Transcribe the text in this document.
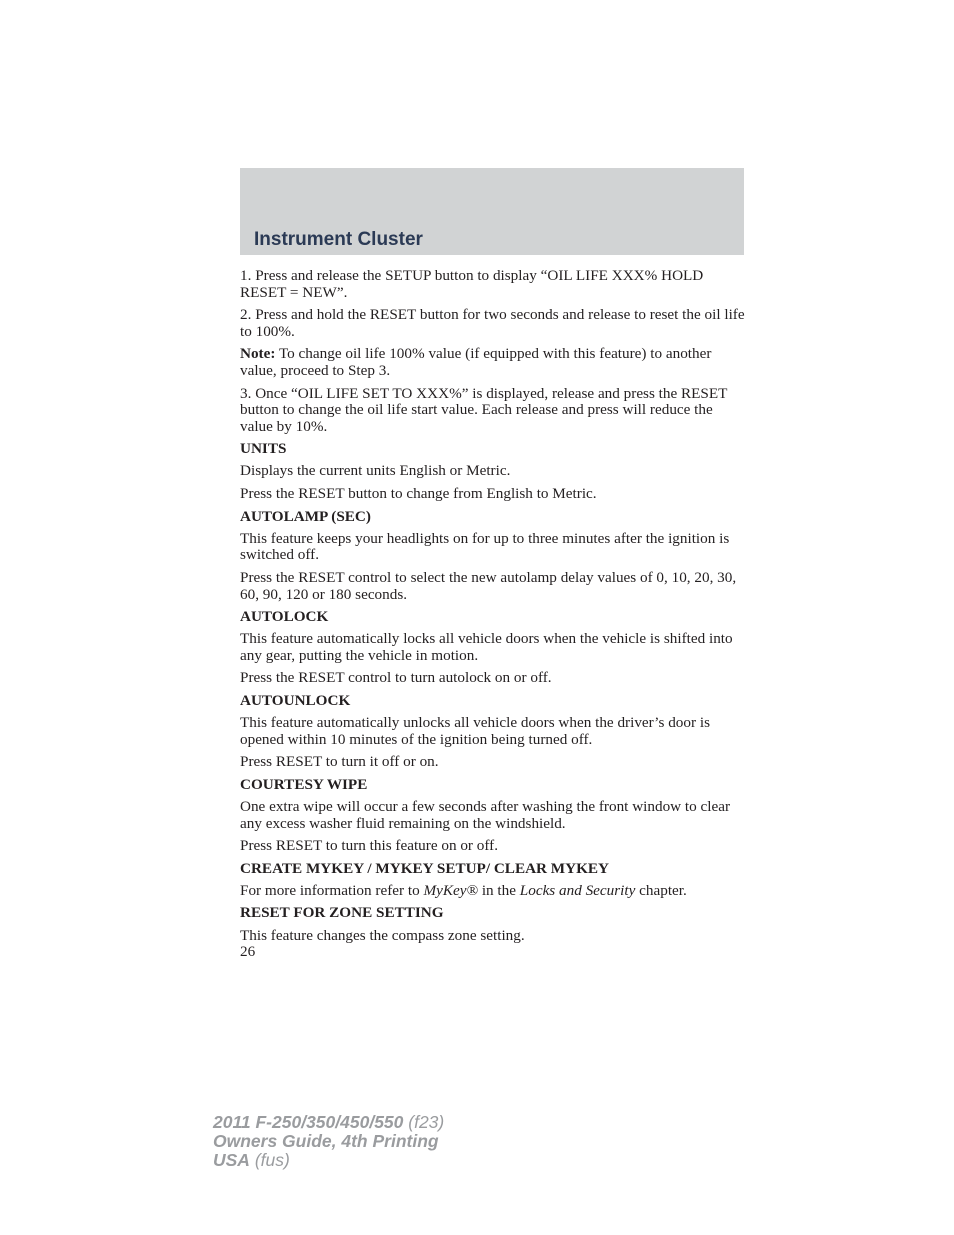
Instrument Cluster

1. Press and release the SETUP button to display “OIL LIFE XXX% HOLD RESET = NEW”.

2. Press and hold the RESET button for two seconds and release to reset the oil life to 100%.

Note: To change oil life 100% value (if equipped with this feature) to another value, proceed to Step 3.

3. Once “OIL LIFE SET TO XXX%” is displayed, release and press the RESET button to change the oil life start value. Each release and press will reduce the value by 10%.

UNITS

Displays the current units English or Metric.

Press the RESET button to change from English to Metric.

AUTOLAMP (SEC)

This feature keeps your headlights on for up to three minutes after the ignition is switched off.

Press the RESET control to select the new autolamp delay values of 0, 10, 20, 30, 60, 90, 120 or 180 seconds.

AUTOLOCK

This feature automatically locks all vehicle doors when the vehicle is shifted into any gear, putting the vehicle in motion.

Press the RESET control to turn autolock on or off.

AUTOUNLOCK

This feature automatically unlocks all vehicle doors when the driver’s door is opened within 10 minutes of the ignition being turned off.

Press RESET to turn it off or on.

COURTESY WIPE

One extra wipe will occur a few seconds after washing the front window to clear any excess washer fluid remaining on the windshield.

Press RESET to turn this feature on or off.

CREATE MYKEY / MYKEY SETUP/ CLEAR MYKEY

For more information refer to MyKey® in the Locks and Security chapter.

RESET FOR ZONE SETTING

This feature changes the compass zone setting.

26
2011 F-250/350/450/550 (f23)
Owners Guide, 4th Printing
USA (fus)
